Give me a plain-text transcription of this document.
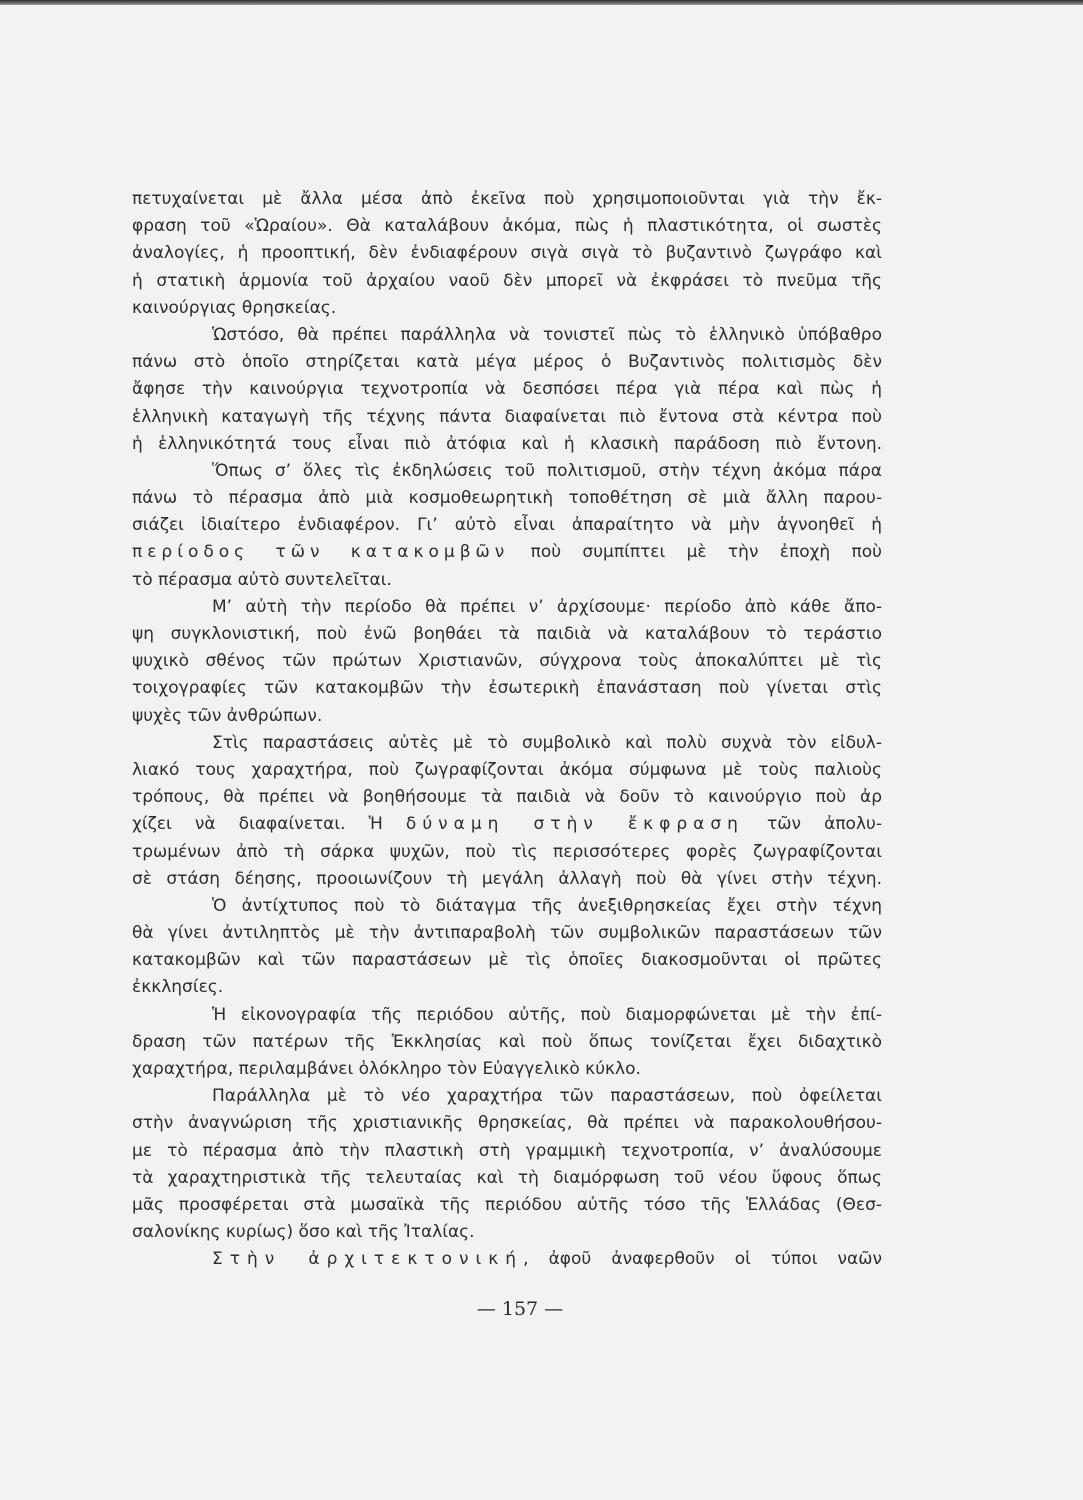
πετυχαίνεται μὲ ἄλλα μέσα ἀπὸ ἐκεῖνα ποὺ χρησιμοποιοῦνται γιὰ τὴν ἔκ-
φραση τοῦ «Ὡραίου». Θὰ καταλάβουν ἀκόμα, πὼς ἡ πλαστικότητα, οἱ σωστὲς
ἀναλογίες, ἡ προοπτική, δὲν ἐνδιαφέρουν σιγὰ σιγὰ τὸ βυζαντινὸ ζωγράφο καὶ
ἡ στατικὴ ἁρμονία τοῦ ἀρχαίου ναοῦ δὲν μπορεῖ νὰ ἐκφράσει τὸ πνεῦμα τῆς
καινούργιας θρησκείας.
Ὡστόσο, θὰ πρέπει παράλληλα νὰ τονιστεῖ πὼς τὸ ἑλληνικὸ ὑπόβαθρο
πάνω στὸ ὁποῖο στηρίζεται κατὰ μέγα μέρος ὁ Βυζαντινὸς πολιτισμὸς δὲν
ἄφησε τὴν καινούργια τεχνοτροπία νὰ δεσπόσει πέρα γιὰ πέρα καὶ πὼς ἡ
ἑλληνικὴ καταγωγὴ τῆς τέχνης πάντα διαφαίνεται πιὸ ἔντονα στὰ κέντρα ποὺ
ἡ ἑλληνικότητά τους εἶναι πιὸ ἀτόφια καὶ ἡ κλασικὴ παράδοση πιὸ ἔντονη.
Ὅπως σ’ ὅλες τὶς ἐκδηλώσεις τοῦ πολιτισμοῦ, στὴν τέχνη ἀκόμα πάρα
πάνω τὸ πέρασμα ἀπὸ μιὰ κοσμοθεωρητικὴ τοποθέτηση σὲ μιὰ ἄλλη παρου-
σιάζει ἰδιαίτερο ἐνδιαφέρον. Γι’ αὐτὸ εἶναι ἀπαραίτητο νὰ μὴν ἀγνοηθεῖ ἡ
περίοδος τῶν κατακομβῶν ποὺ συμπίπτει μὲ τὴν ἐποχὴ ποὺ
τὸ πέρασμα αὐτὸ συντελεῖται.
Μ’ αὐτὴ τὴν περίοδο θὰ πρέπει ν’ ἀρχίσουμε· περίοδο ἀπὸ κάθε ἄπο-
ψη συγκλονιστική, ποὺ ἐνῶ βοηθάει τὰ παιδιὰ νὰ καταλάβουν τὸ τεράστιο
ψυχικὸ σθένος τῶν πρώτων Χριστιανῶν, σύγχρονα τοὺς ἀποκαλύπτει μὲ τὶς
τοιχογραφίες τῶν κατακομβῶν τὴν ἐσωτερικὴ ἐπανάσταση ποὺ γίνεται στὶς
ψυχὲς τῶν ἀνθρώπων.
Στὶς παραστάσεις αὐτὲς μὲ τὸ συμβολικὸ καὶ πολὺ συχνὰ τὸν εἰδυλ-
λιακό τους χαραχτήρα, ποὺ ζωγραφίζονται ἀκόμα σύμφωνα μὲ τοὺς παλιοὺς
τρόπους, θὰ πρέπει νὰ βοηθήσουμε τὰ παιδιὰ νὰ δοῦν τὸ καινούργιο ποὺ ἀρ
χίζει νὰ διαφαίνεται. Ἡ δύναμη στὴν ἔκφραση τῶν ἀπολυ-
τρωμένων ἀπὸ τὴ σάρκα ψυχῶν, ποὺ τὶς περισσότερες φορὲς ζωγραφίζονται
σὲ στάση δέησης, προοιωνίζουν τὴ μεγάλη ἀλλαγὴ ποὺ θὰ γίνει στὴν τέχνη.
Ὁ ἀντίχτυπος ποὺ τὸ διάταγμα τῆς ἀνεξιθρησκείας ἔχει στὴν τέχνη
θὰ γίνει ἀντιληπτὸς μὲ τὴν ἀντιπαραβολὴ τῶν συμβολικῶν παραστάσεων τῶν
κατακομβῶν καὶ τῶν παραστάσεων μὲ τὶς ὁποῖες διακοσμοῦνται οἱ πρῶτες
ἐκκλησίες.
Ἡ εἰκονογραφία τῆς περιόδου αὐτῆς, ποὺ διαμορφώνεται μὲ τὴν ἐπί-
δραση τῶν πατέρων τῆς Ἐκκλησίας καὶ ποὺ ὅπως τονίζεται ἔχει διδαχτικὸ
χαραχτήρα, περιλαμβάνει ὁλόκληρο τὸν Εὐαγγελικὸ κύκλο.
Παράλληλα μὲ τὸ νέο χαραχτήρα τῶν παραστάσεων, ποὺ ὀφείλεται
στὴν ἀναγνώριση τῆς χριστιανικῆς θρησκείας, θὰ πρέπει νὰ παρακολουθήσου-
με τὸ πέρασμα ἀπὸ τὴν πλαστικὴ στὴ γραμμικὴ τεχνοτροπία, ν’ ἀναλύσουμε
τὰ χαραχτηριστικὰ τῆς τελευταίας καὶ τὴ διαμόρφωση τοῦ νέου ὕφους ὅπως
μᾶς προσφέρεται στὰ μωσαϊκὰ τῆς περιόδου αὐτῆς τόσο τῆς Ἑλλάδας (Θεσ-
σαλονίκης κυρίως) ὅσο καὶ τῆς Ἰταλίας.
Στὴν ἀρχιτεκτονική, ἀφοῦ ἀναφερθοῦν οἱ τύποι ναῶν
— 157 —
